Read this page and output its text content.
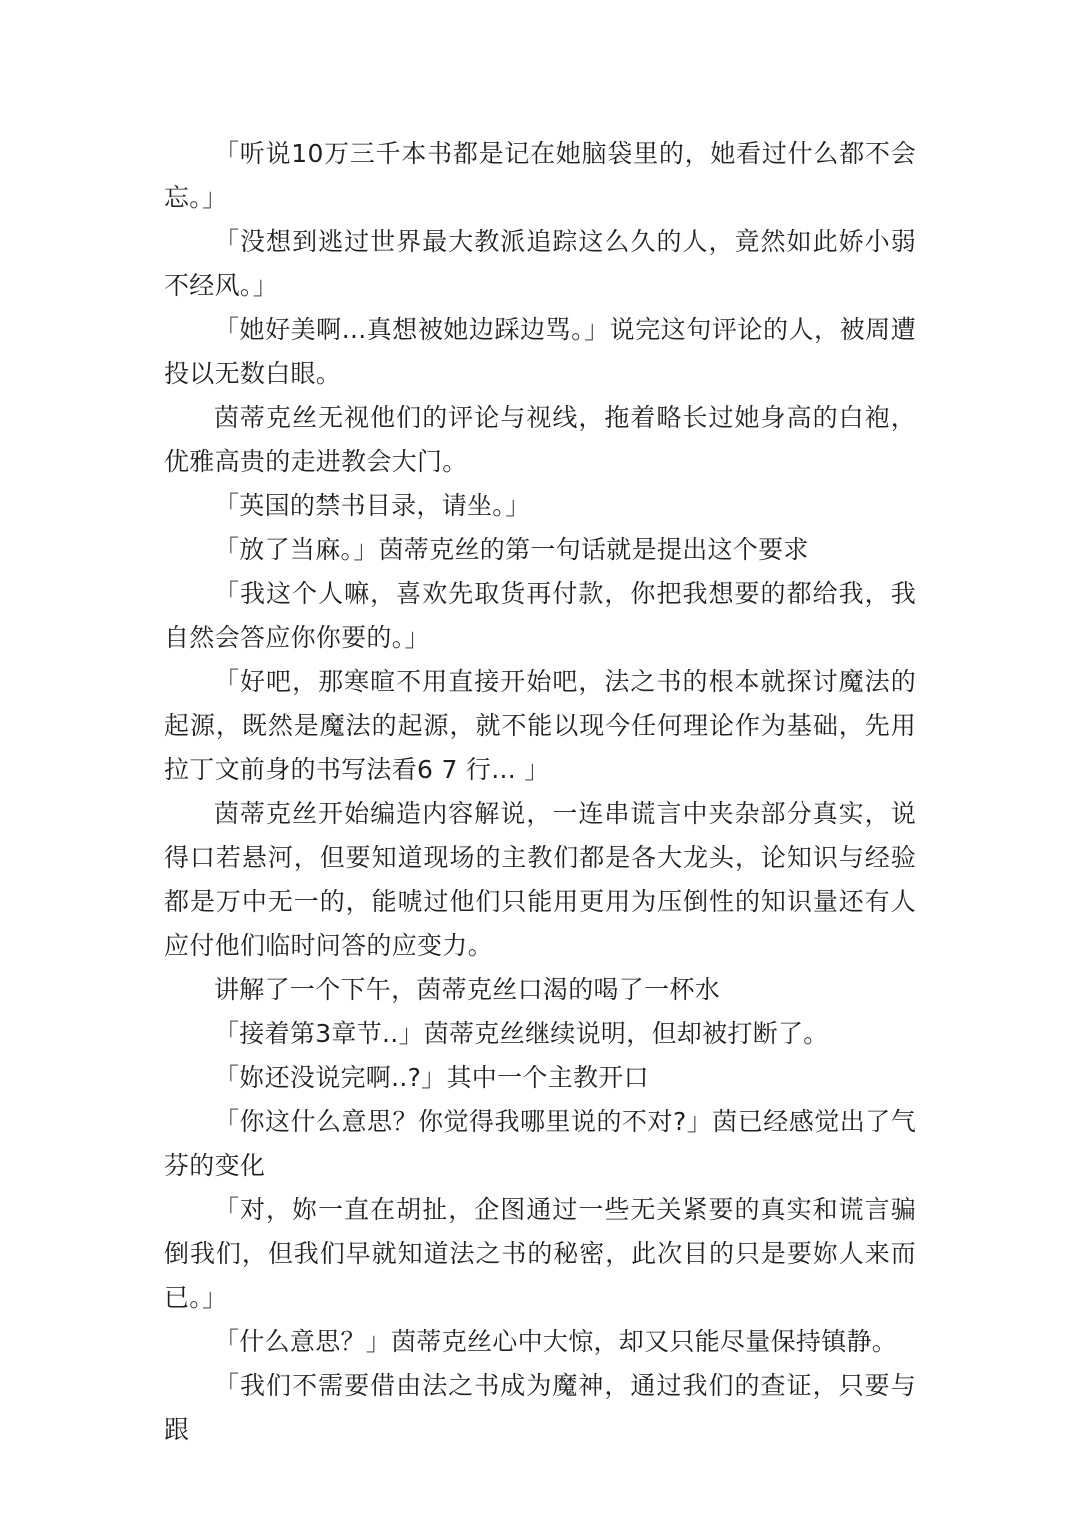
「听说10万三千本书都是记在她脑袋里的，她看过什么都不会忘。」

「没想到逃过世界最大教派追踪这么久的人，竟然如此娇小弱不经风。」

「她好美啊...真想被她边踩边骂。」说完这句评论的人，被周遭投以无数白眼。

茵蒂克丝无视他们的评论与视线，拖着略长过她身高的白袍，优雅高贵的走进教会大门。

「英国的禁书目录，请坐。」

「放了当麻。」茵蒂克丝的第一句话就是提出这个要求

「我这个人嘛，喜欢先取货再付款，你把我想要的都给我，我自然会答应你你要的。」

「好吧，那寒暄不用直接开始吧，法之书的根本就探讨魔法的起源，既然是魔法的起源，就不能以现今任何理论作为基础，先用拉丁文前身的书写法看6 7 行... 」

茵蒂克丝开始编造内容解说，一连串谎言中夹杂部分真实，说得口若悬河，但要知道现场的主教们都是各大龙头，论知识与经验都是万中无一的，能唬过他们只能用更用为压倒性的知识量还有人应付他们临时问答的应变力。

讲解了一个下午，茵蒂克丝口渴的喝了一杯水

「接着第3章节..」茵蒂克丝继续说明，但却被打断了。

「妳还没说完啊..?」其中一个主教开口

「你这什么意思？你觉得我哪里说的不对?」茵已经感觉出了气芬的变化

「对，妳一直在胡扯，企图通过一些无关紧要的真实和谎言骗倒我们，但我们早就知道法之书的秘密，此次目的只是要妳人来而已。」

「什么意思？」茵蒂克丝心中大惊，却又只能尽量保持镇静。

「我们不需要借由法之书成为魔神，通过我们的查证，只要与跟
